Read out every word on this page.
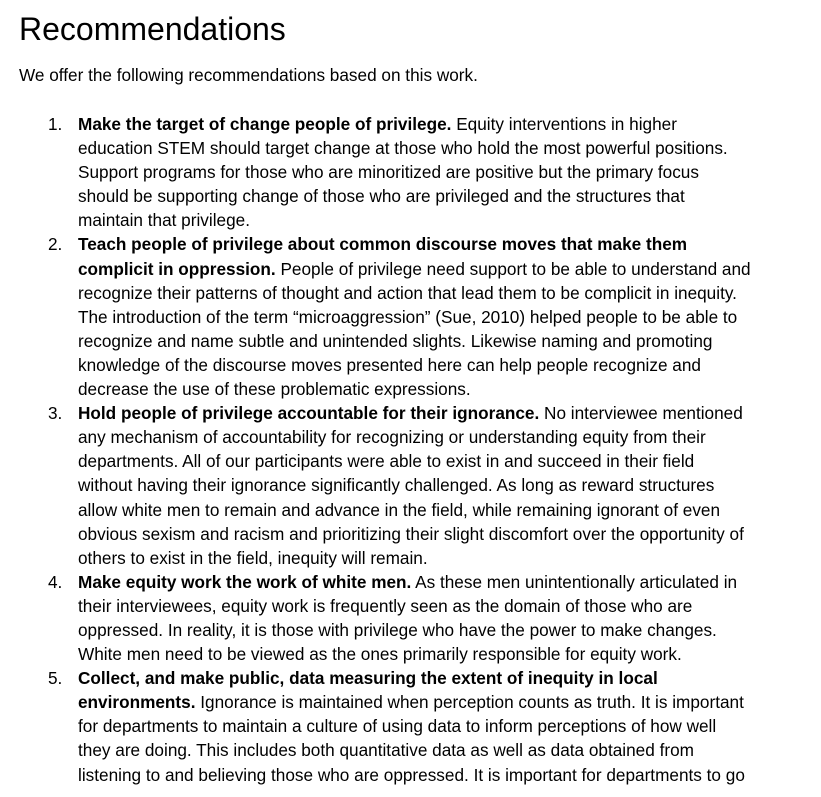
Recommendations

We offer the following recommendations based on this work.

1. Make the target of change people of privilege. Equity interventions in higher
education STEM should target change at those who hold the most powerful positions.
Support programs for those who are minoritized are positive but the primary focus
should be supporting change of those who are privileged and the structures that
maintain that privilege.
2. Teach people of privilege about common discourse moves that make them
complicit in oppression. People of privilege need support to be able to understand and
recognize their patterns of thought and action that lead them to be complicit in inequity.
The introduction of the term “microaggression” (Sue, 2010) helped people to be able to
recognize and name subtle and unintended slights. Likewise naming and promoting
knowledge of the discourse moves presented here can help people recognize and
decrease the use of these problematic expressions.
3. Hold people of privilege accountable for their ignorance. No interviewee mentioned
any mechanism of accountability for recognizing or understanding equity from their
departments. All of our participants were able to exist in and succeed in their field
without having their ignorance significantly challenged. As long as reward structures
allow white men to remain and advance in the field, while remaining ignorant of even
obvious sexism and racism and prioritizing their slight discomfort over the opportunity of
others to exist in the field, inequity will remain.
4. Make equity work the work of white men. As these men unintentionally articulated in
their interviewees, equity work is frequently seen as the domain of those who are
oppressed. In reality, it is those with privilege who have the power to make changes.
White men need to be viewed as the ones primarily responsible for equity work.
5. Collect, and make public, data measuring the extent of inequity in local
environments. Ignorance is maintained when perception counts as truth. It is important
for departments to maintain a culture of using data to inform perceptions of how well
they are doing. This includes both quantitative data as well as data obtained from
listening to and believing those who are oppressed. It is important for departments to go
